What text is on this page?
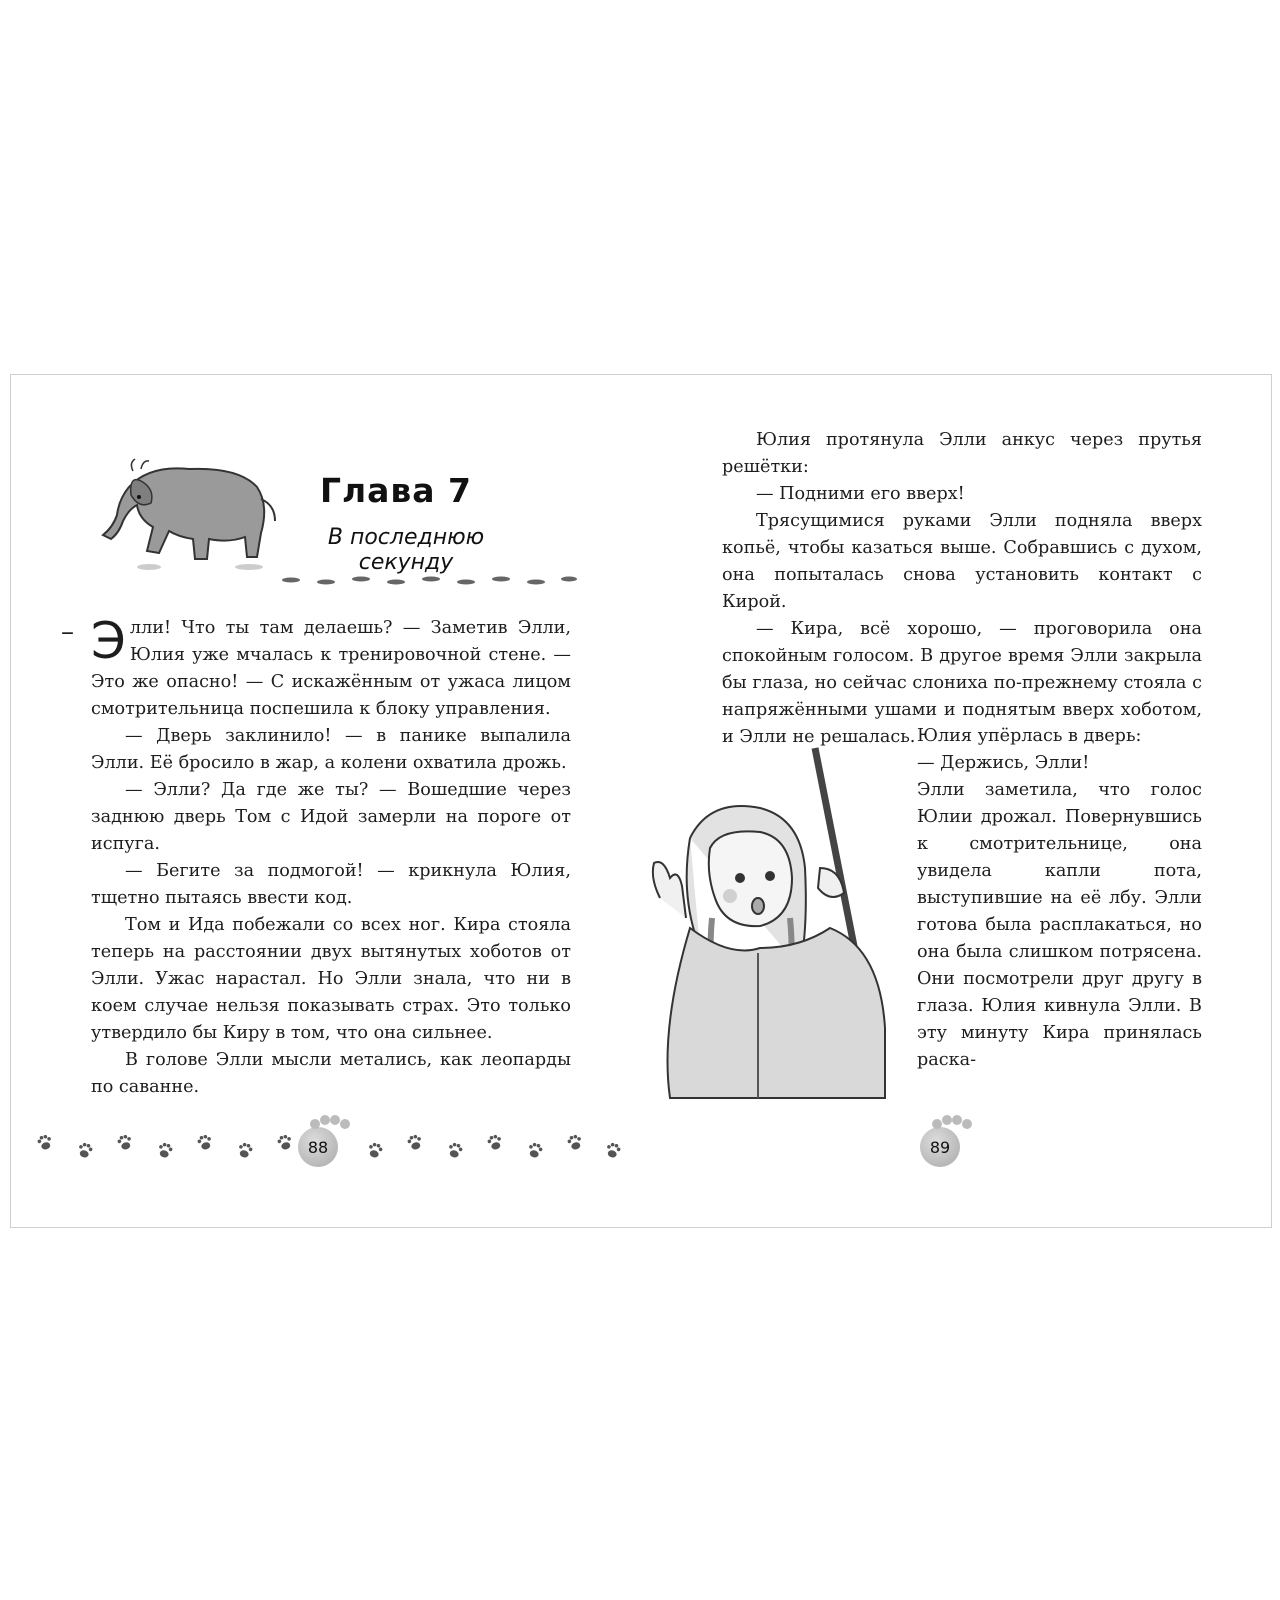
Глава 7
В последнюю секунду
– Элли! Что ты там делаешь? — Заметив Элли, Юлия уже мчалась к тренировочной стене. — Это же опасно! — С искажённым от ужаса лицом смотрительница поспешила к блоку управления.

— Дверь заклинило! — в панике выпалила Элли. Её бросило в жар, а колени охватила дрожь.

— Элли? Да где же ты? — Вошедшие через заднюю дверь Том с Идой замерли на пороге от испуга.

— Бегите за подмогой! — крикнула Юлия, тщетно пытаясь ввести код.

Том и Ида побежали со всех ног. Кира стояла теперь на расстоянии двух вытянутых хоботов от Элли. Ужас нарастал. Но Элли знала, что ни в коем случае нельзя показывать страх. Это только утвердило бы Киру в том, что она сильнее.

В голове Элли мысли метались, как леопарды по саванне.

88

Юлия протянула Элли анкус через прутья решётки:

— Подними его вверх!

Трясущимися руками Элли подняла вверх копьё, чтобы казаться выше. Собравшись с духом, она попыталась снова установить контакт с Кирой.

— Кира, всё хорошо, — проговорила она спокойным голосом. В другое время Элли закрыла бы глаза, но сейчас слониха по-прежнему стояла с напряжёнными ушами и поднятым вверх хоботом, и Элли не решалась. Юлия упёрлась в дверь:

— Держись, Элли!

Элли заметила, что голос Юлии дрожал. Повернувшись к смотрительнице, она увидела капли пота, выступившие на её лбу. Элли готова была расплакаться, но она была слишком потрясена. Они посмотрели друг другу в глаза. Юлия кивнула Элли. В эту минуту Кира принялась раска-

89
